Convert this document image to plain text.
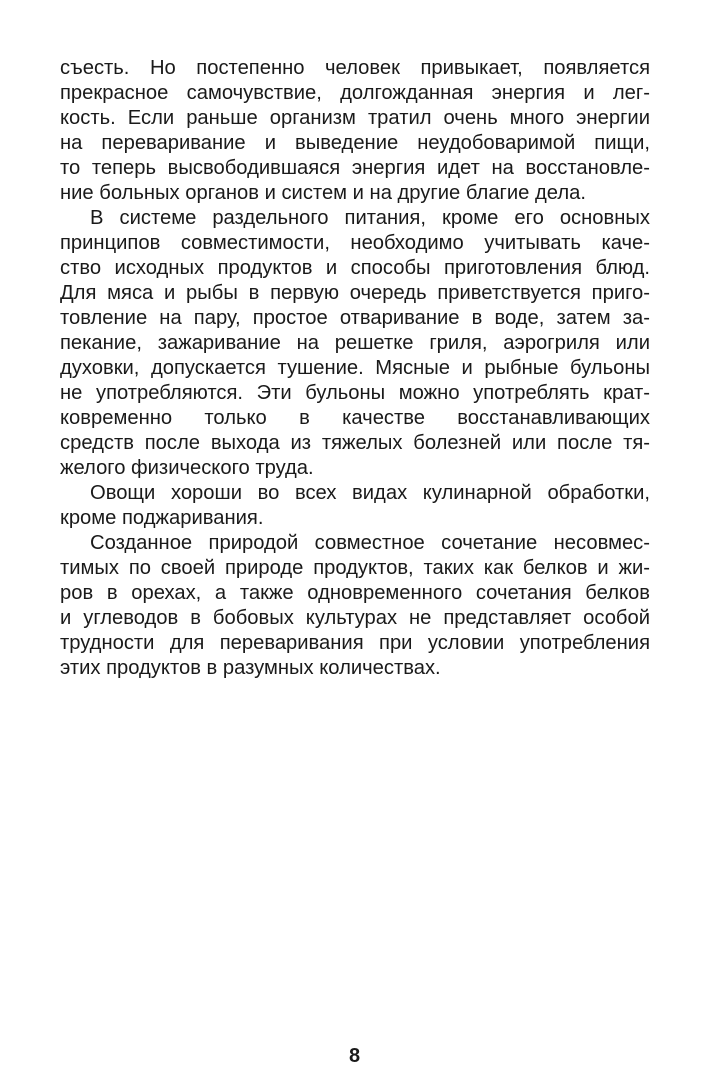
съесть. Но постепенно человек привыкает, появляется
прекрасное самочувствие, долгожданная энергия и лег-
кость. Если раньше организм тратил очень много энергии
на переваривание и выведение неудобоваримой пищи,
то теперь высвободившаяся энергия идет на восстановле-
ние больных органов и систем и на другие благие дела.
В системе раздельного питания, кроме его основных
принципов совместимости, необходимо учитывать каче-
ство исходных продуктов и способы приготовления блюд.
Для мяса и рыбы в первую очередь приветствуется приго-
товление на пару, простое отваривание в воде, затем за-
пекание, зажаривание на решетке гриля, аэрогриля или
духовки, допускается тушение. Мясные и рыбные бульоны
не употребляются. Эти бульоны можно употреблять крат-
ковременно только в качестве восстанавливающих
средств после выхода из тяжелых болезней или после тя-
желого физического труда.
Овощи хороши во всех видах кулинарной обработки,
кроме поджаривания.
Созданное природой совместное сочетание несовмес-
тимых по своей природе продуктов, таких как белков и жи-
ров в орехах, а также одновременного сочетания белков
и углеводов в бобовых культурах не представляет особой
трудности для переваривания при условии употребления
этих продуктов в разумных количествах.
8
